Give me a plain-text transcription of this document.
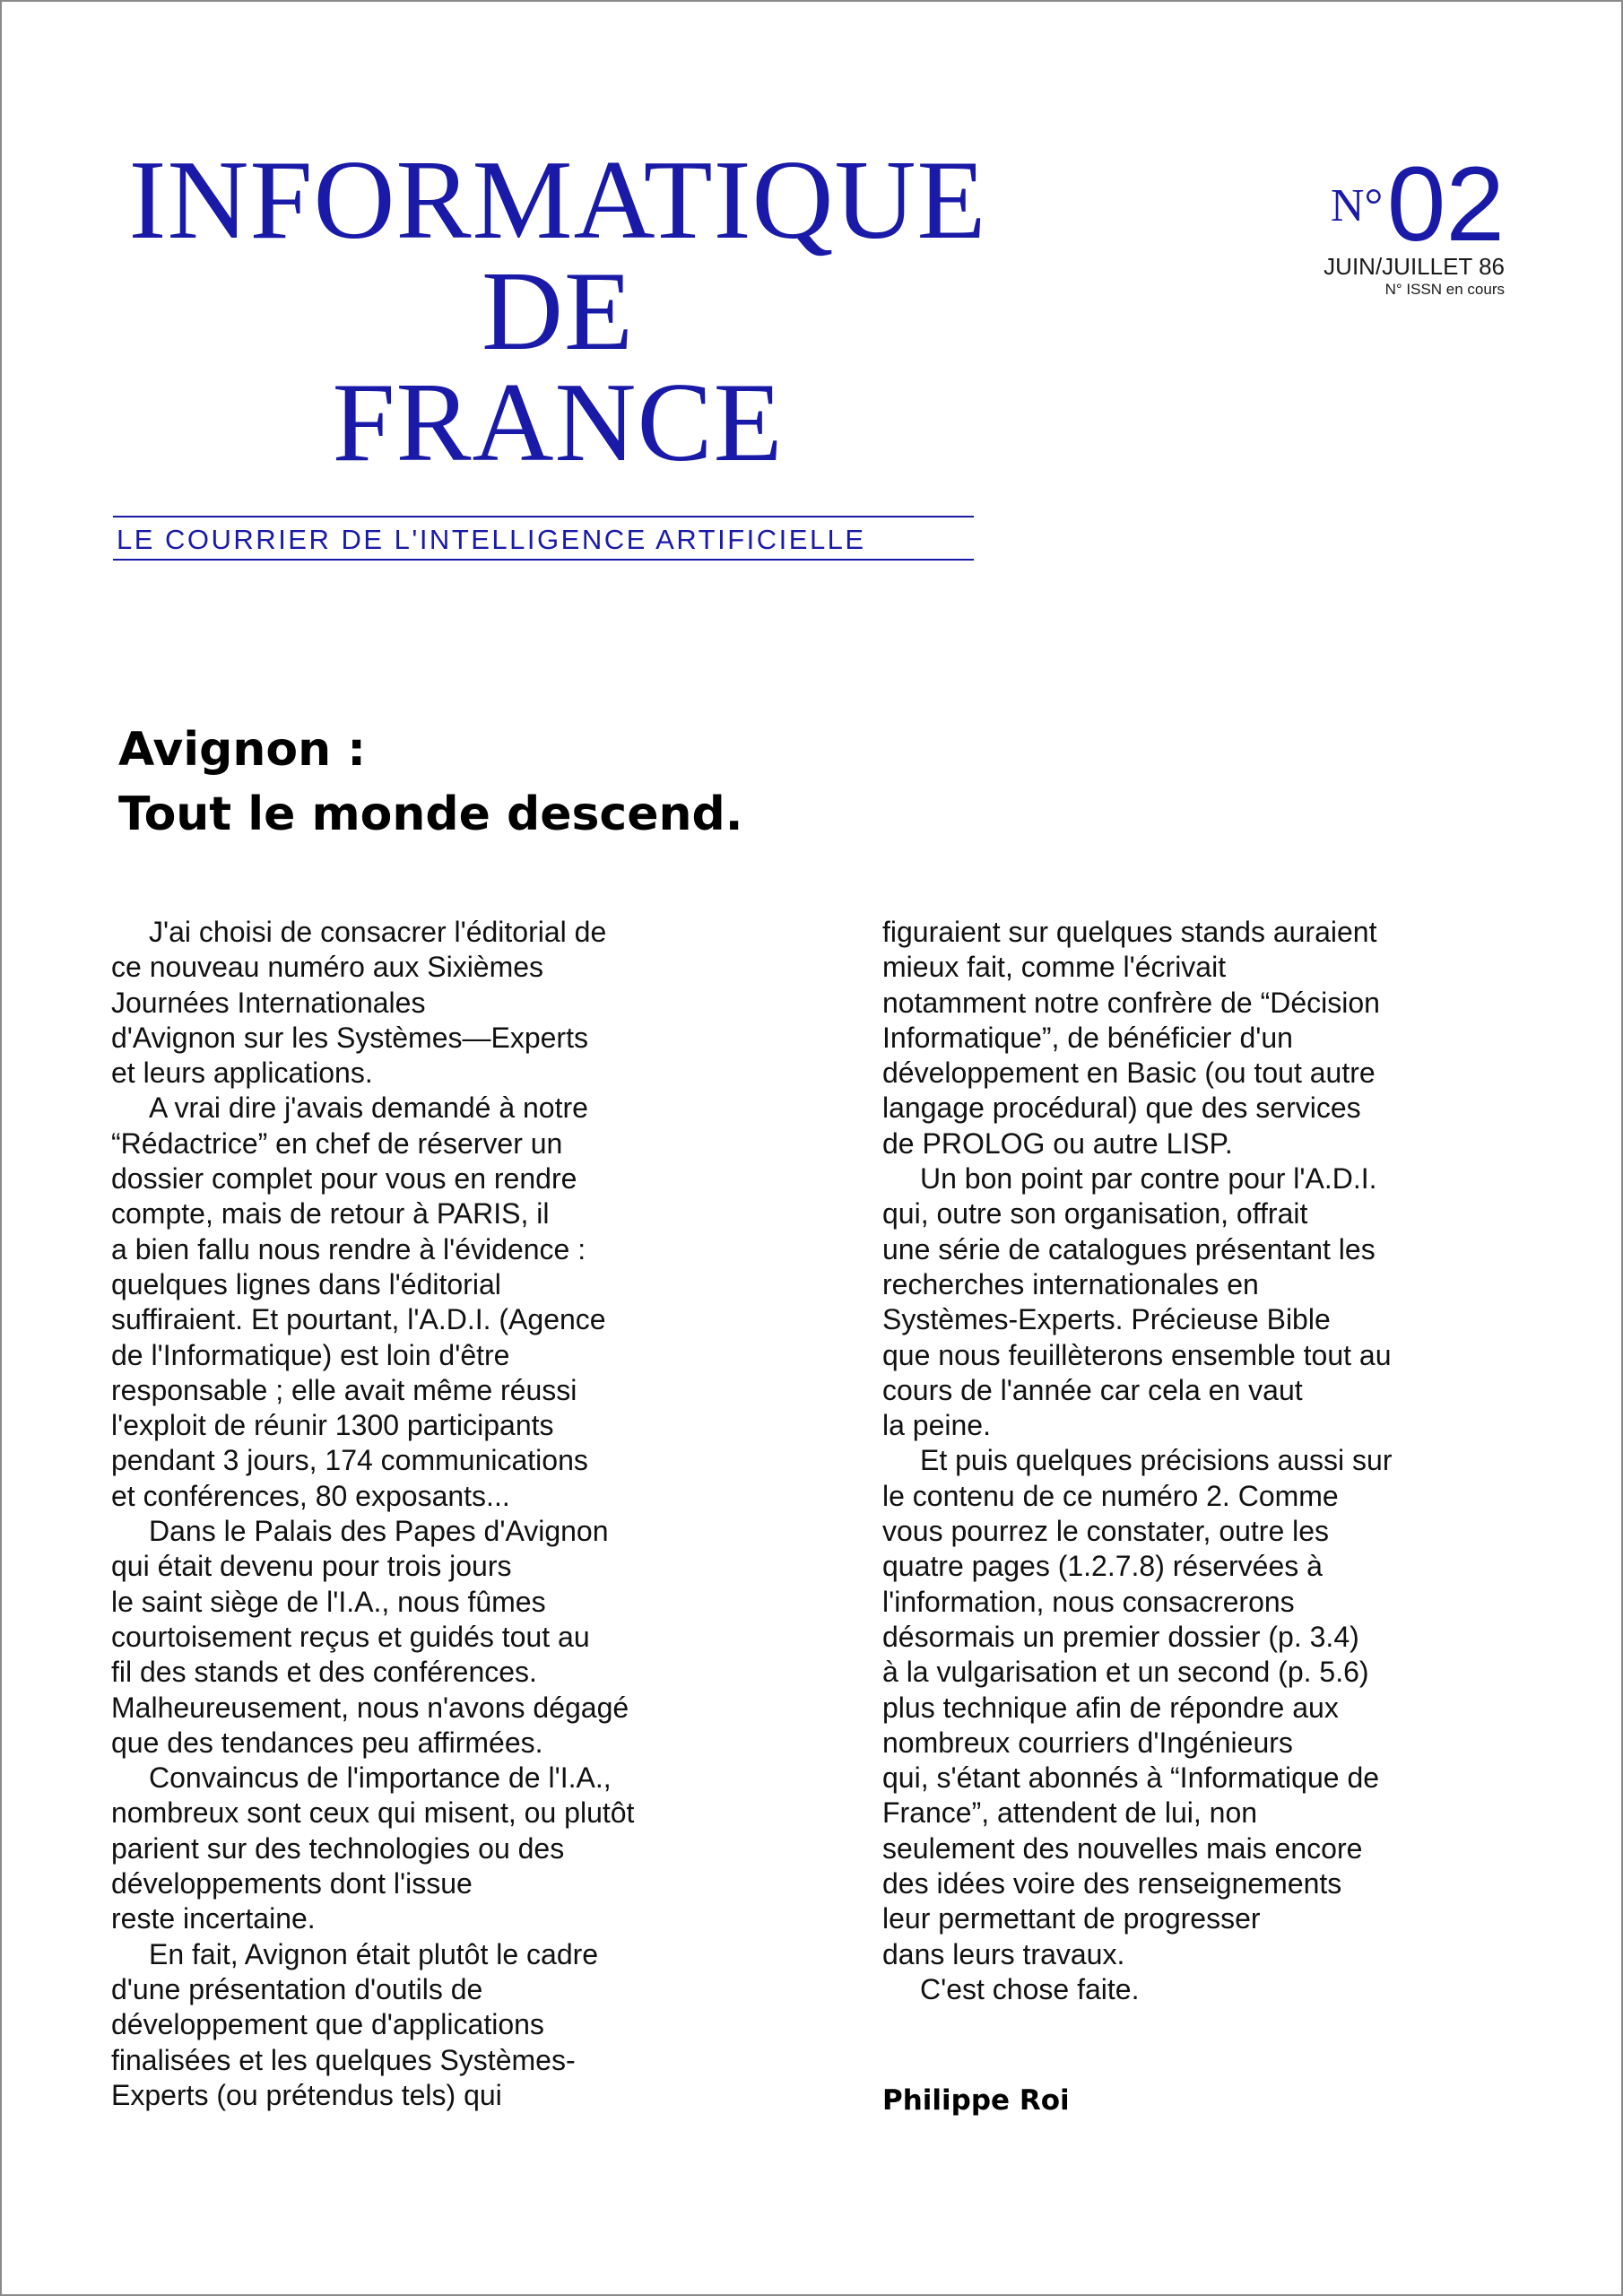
INFORMATIQUE
DE
FRANCE
N° 02
JUIN/JUILLET 86
N° ISSN en cours
LE COURRIER DE L'INTELLIGENCE ARTIFICIELLE
Avignon :
Tout le monde descend.
J'ai choisi de consacrer l'éditorial de
ce nouveau numéro aux Sixièmes
Journées Internationales
d'Avignon sur les Systèmes—Experts
et leurs applications.
A vrai dire j'avais demandé à notre
“Rédactrice” en chef de réserver un
dossier complet pour vous en rendre
compte, mais de retour à PARIS, il
a bien fallu nous rendre à l'évidence :
quelques lignes dans l'éditorial
suffiraient. Et pourtant, l'A.D.I. (Agence
de l'Informatique) est loin d'être
responsable ; elle avait même réussi
l'exploit de réunir 1300 participants
pendant 3 jours, 174 communications
et conférences, 80 exposants...
Dans le Palais des Papes d'Avignon
qui était devenu pour trois jours
le saint siège de l'I.A., nous fûmes
courtoisement reçus et guidés tout au
fil des stands et des conférences.
Malheureusement, nous n'avons dégagé
que des tendances peu affirmées.
Convaincus de l'importance de l'I.A.,
nombreux sont ceux qui misent, ou plutôt
parient sur des technologies ou des
développements dont l'issue
reste incertaine.
En fait, Avignon était plutôt le cadre
d'une présentation d'outils de
développement que d'applications
finalisées et les quelques Systèmes-
Experts (ou prétendus tels) qui
figuraient sur quelques stands auraient
mieux fait, comme l'écrivait
notamment notre confrère de “Décision
Informatique”, de bénéficier d'un
développement en Basic (ou tout autre
langage procédural) que des services
de PROLOG ou autre LISP.
Un bon point par contre pour l'A.D.I.
qui, outre son organisation, offrait
une série de catalogues présentant les
recherches internationales en
Systèmes-Experts. Précieuse Bible
que nous feuillèterons ensemble tout au
cours de l'année car cela en vaut
la peine.
Et puis quelques précisions aussi sur
le contenu de ce numéro 2. Comme
vous pourrez le constater, outre les
quatre pages (1.2.7.8) réservées à
l'information, nous consacrerons
désormais un premier dossier (p. 3.4)
à la vulgarisation et un second (p. 5.6)
plus technique afin de répondre aux
nombreux courriers d'Ingénieurs
qui, s'étant abonnés à “Informatique de
France”, attendent de lui, non
seulement des nouvelles mais encore
des idées voire des renseignements
leur permettant de progresser
dans leurs travaux.
C'est chose faite.
Philippe Roi
